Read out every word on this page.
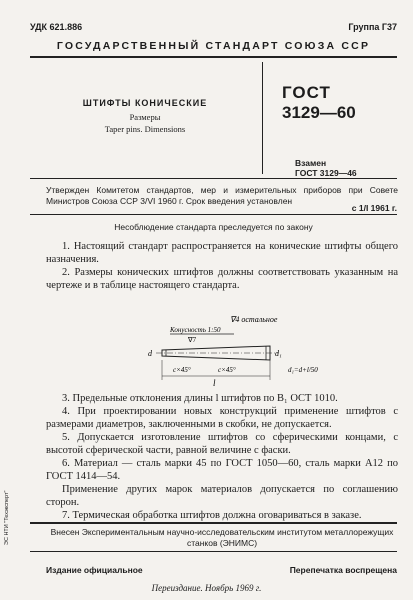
УДК 621.886	Группа Г37
ГОСУДАРСТВЕННЫЙ СТАНДАРТ СОЮЗА ССР
ШТИФТЫ КОНИЧЕСКИЕ
Размеры
Taper pins. Dimensions
ГОСТ
3129—60
Взамен
ГОСТ 3129—46
Утвержден Комитетом стандартов, мер и измерительных приборов при Совете Министров Союза ССР 3/VI 1960 г. Срок введения установлен
с 1/I 1961 г.
Несоблюдение стандарта преследуется по закону

1. Настоящий стандарт распространяется на конические штифты общего назначения.

2. Размеры конических штифтов должны соответствовать указанным на чертеже и в таблице настоящего стандарта.

∇4 остальное
Конусность 1:50
∇7
c×45°	c×45°
l
d	d₁
d₁=d+l/50

3. Предельные отклонения длины l штифтов по B₁ ОСТ 1010.

4. При проектировании новых конструкций применение штифтов с размерами диаметров, заключенными в скобки, не допускается.

5. Допускается изготовление штифтов со сферическими концами, с высотой сферической части, равной величине c фаски.

6. Материал — сталь марки 45 по ГОСТ 1050—60, сталь марки А12 по ГОСТ 1414—54.

Применение других марок материалов допускается по соглашению сторон.

7. Термическая обработка штифтов должна оговариваться в заказе.

Внесен Экспериментальным научно-исследовательским институтом металлорежущих станков (ЭНИМС)
Издание официальное	Перепечатка воспрещена
Переиздание. Ноябрь 1969 г.
ЭС НТИ "Техэксперт"
